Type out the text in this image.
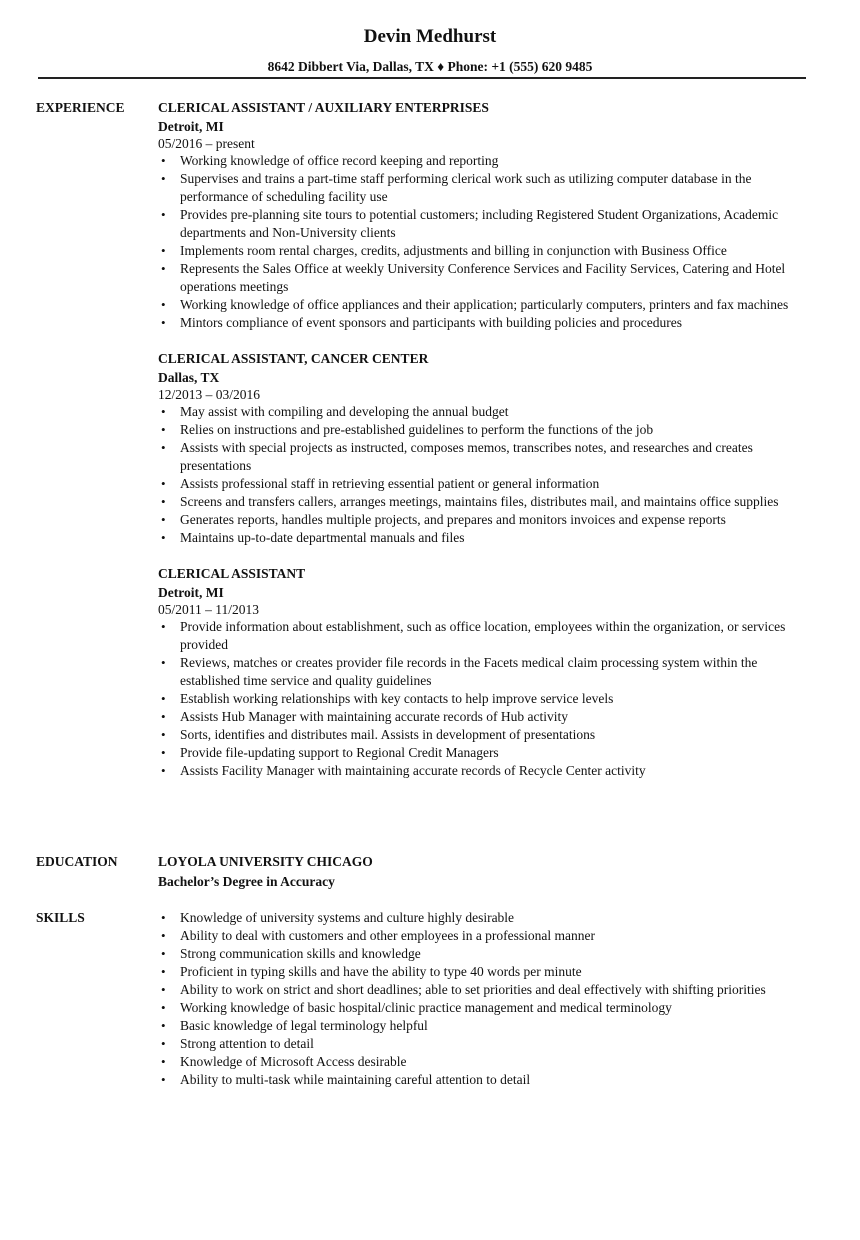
Devin Medhurst
8642 Dibbert Via, Dallas, TX ♦ Phone: +1 (555) 620 9485
EXPERIENCE CLERICAL ASSISTANT / AUXILIARY ENTERPRISES
Detroit, MI
05/2016 – present
• Working knowledge of office record keeping and reporting
• Supervises and trains a part-time staff performing clerical work such as utilizing computer database in the performance of scheduling facility use
• Provides pre-planning site tours to potential customers; including Registered Student Organizations, Academic departments and Non-University clients
• Implements room rental charges, credits, adjustments and billing in conjunction with Business Office
• Represents the Sales Office at weekly University Conference Services and Facility Services, Catering and Hotel operations meetings
• Working knowledge of office appliances and their application; particularly computers, printers and fax machines
• Mintors compliance of event sponsors and participants with building policies and procedures
CLERICAL ASSISTANT, CANCER CENTER
Dallas, TX
12/2013 – 03/2016
• May assist with compiling and developing the annual budget
• Relies on instructions and pre-established guidelines to perform the functions of the job
• Assists with special projects as instructed, composes memos, transcribes notes, and researches and creates presentations
• Assists professional staff in retrieving essential patient or general information
• Screens and transfers callers, arranges meetings, maintains files, distributes mail, and maintains office supplies
• Generates reports, handles multiple projects, and prepares and monitors invoices and expense reports
• Maintains up-to-date departmental manuals and files
CLERICAL ASSISTANT
Detroit, MI
05/2011 – 11/2013
• Provide information about establishment, such as office location, employees within the organization, or services provided
• Reviews, matches or creates provider file records in the Facets medical claim processing system within the established time service and quality guidelines
• Establish working relationships with key contacts to help improve service levels
• Assists Hub Manager with maintaining accurate records of Hub activity
• Sorts, identifies and distributes mail. Assists in development of presentations
• Provide file-updating support to Regional Credit Managers
• Assists Facility Manager with maintaining accurate records of Recycle Center activity
EDUCATION	LOYOLA UNIVERSITY CHICAGO
Bachelor’s Degree in Accuracy
SKILLS
•	Knowledge of university systems and culture highly desirable
• Ability to deal with customers and other employees in a professional manner
• Strong communication skills and knowledge
• Proficient in typing skills and have the ability to type 40 words per minute
• Ability to work on strict and short deadlines; able to set priorities and deal effectively with shifting priorities
• Working knowledge of basic hospital/clinic practice management and medical terminology
• Basic knowledge of legal terminology helpful
• Strong attention to detail
• Knowledge of Microsoft Access desirable
• Ability to multi-task while maintaining careful attention to detail
